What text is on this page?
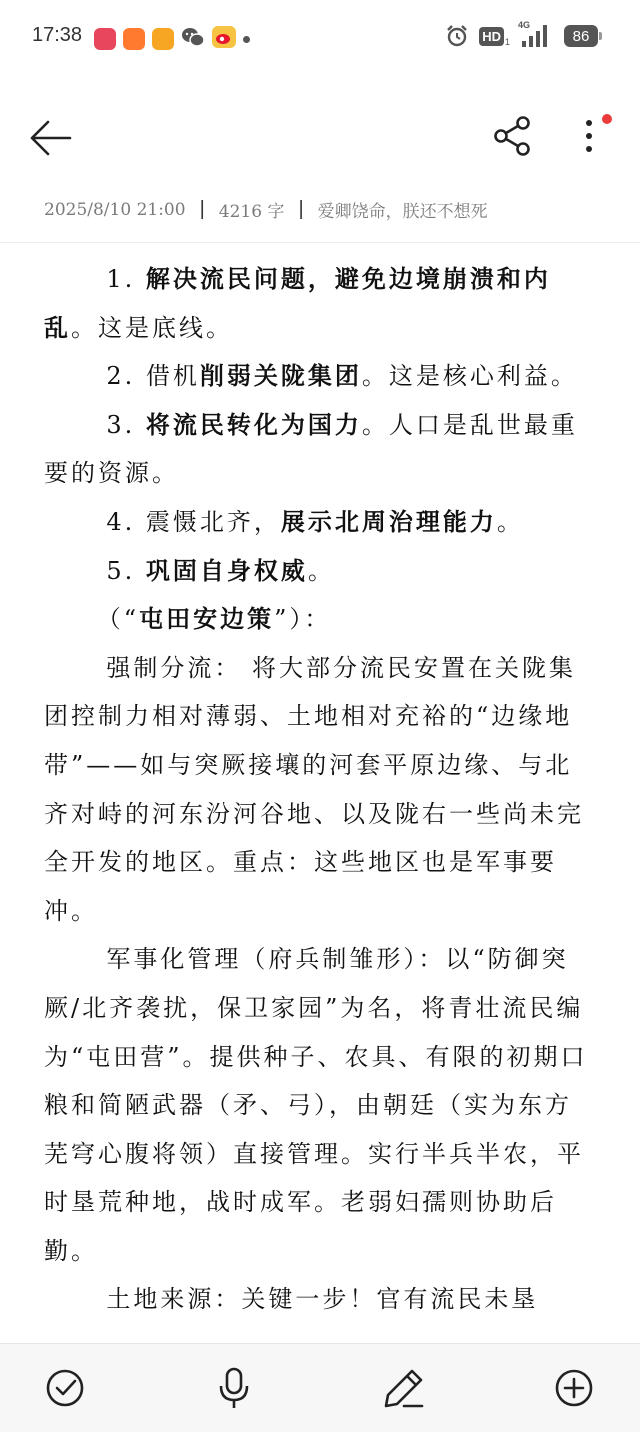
17:38	HD 1
4G
86
2025/8/10 21:00 | 4216 字 | 爱卿饶命，朕还不想死

1. 解决流民问题，避免边境崩溃和内乱。这是底线。

2. 借机削弱关陇集团。这是核心利益。

3. 将流民转化为国力。人口是乱世最重要的资源。

4. 震慑北齐，展示北周治理能力。

5. 巩固自身权威。

（“屯田安边策”）：

强制分流： 将大部分流民安置在关陇集团控制力相对薄弱、土地相对充裕的“边缘地带”——如与突厥接壤的河套平原边缘、与北齐对峙的河东汾河谷地、以及陇右一些尚未完全开发的地区。重点：这些地区也是军事要冲。

军事化管理（府兵制雏形）：以“防御突厥/北齐袭扰，保卫家园”为名，将青壮流民编为“屯田营”。提供种子、农具、有限的初期口粮和简陋武器（矛、弓），由朝廷（实为东方芜穹心腹将领）直接管理。实行半兵半农，平时垦荒种地，战时成军。老弱妇孺则协助后勤。

土地来源：关键一步！官有流民未垦
